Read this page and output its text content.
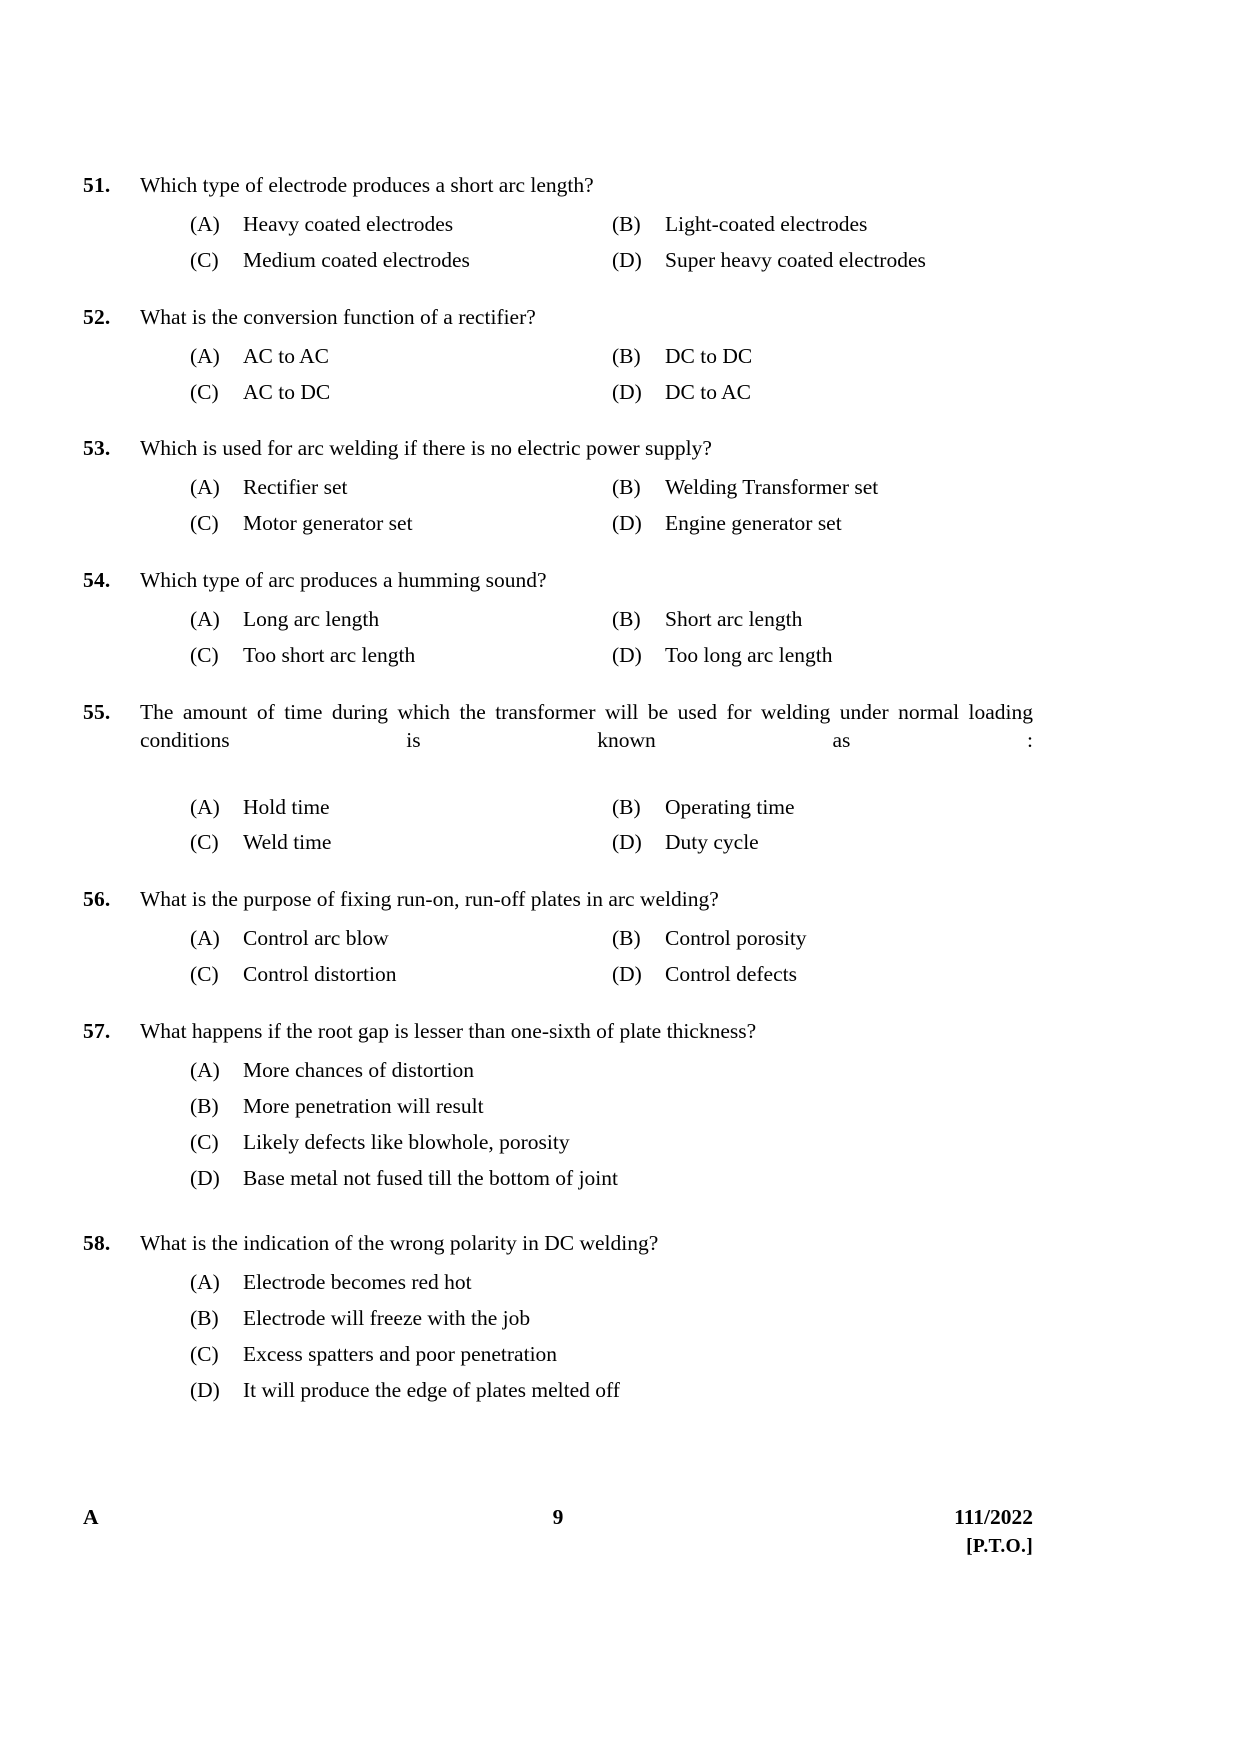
51.	Which type of electrode produces a short arc length?
(A)	Heavy coated electrodes	(B)	Light-coated electrodes
(C)	Medium coated electrodes	(D)	Super heavy coated electrodes
52.	What is the conversion function of a rectifier?
(A)	AC to AC	(B)	DC to DC
(C)	AC to DC	(D)	DC to AC
53.	Which is used for arc welding if there is no electric power supply?
(A)	Rectifier set	(B)	Welding Transformer set
(C)	Motor generator set	(D)	Engine generator set
54.	Which type of arc produces a humming sound?
(A)	Long arc length	(B)	Short arc length
(C)	Too short arc length	(D)	Too long arc length
55.	The amount of time during which the transformer will be used for welding under normal loading conditions is known as :
(A)	Hold time	(B)	Operating time
(C)	Weld time	(D)	Duty cycle
56.	What is the purpose of fixing run-on, run-off plates in arc welding?
(A)	Control arc blow	(B)	Control porosity
(C)	Control distortion	(D)	Control defects
57.	What happens if the root gap is lesser than one-sixth of plate thickness?
(A)	More chances of distortion
(B)	More penetration will result
(C)	Likely defects like blowhole, porosity
(D)	Base metal not fused till the bottom of joint
58.	What is the indication of the wrong polarity in DC welding?
(A)	Electrode becomes red hot
(B)	Electrode will freeze with the job
(C)	Excess spatters and poor penetration
(D)	It will produce the edge of plates melted off
A	9	111/2022
[P.T.O.]
